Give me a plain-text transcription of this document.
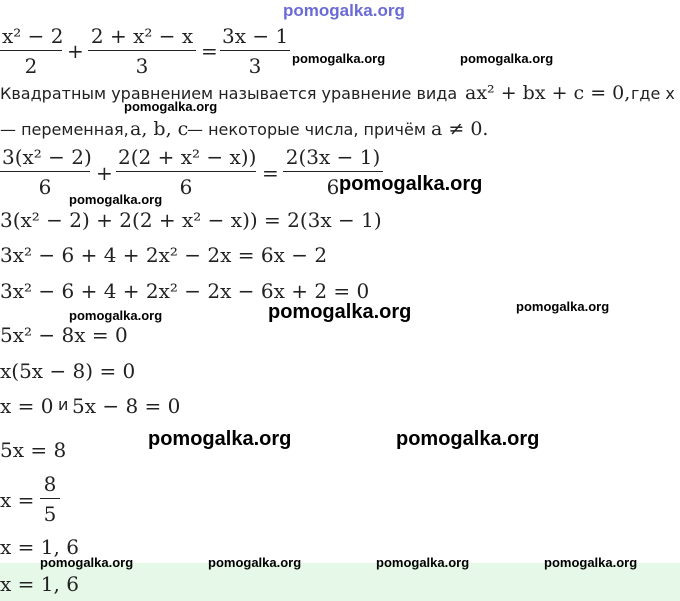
pomogalka.org
x² − 2
2
+
2 + x² − x
3
=
3x − 1
3	pomogalka.org	pomogalka.org
Квадратным уравнением называется уравнение вида ax² + bx + c = 0, где x
pomogalka.org
— переменная, a, b, c
— некоторые числа, причём a ≠ 0.
3(x² − 2)
6
+
2(2 + x² − x))
6
=
2(3x − 1)
6 pomogalka.org
pomogalka.org
3(x² − 2) + 2(2 + x² − x)) = 2(3x − 1)
3x² − 6 + 4 + 2x² − 2x = 6x − 2
3x² − 6 + 4 + 2x² − 2x − 6x + 2 = 0
pomogalka.org	pomogalka.org	pomogalka.org
5x² − 8x = 0
x(5x − 8) = 0
x = 0 и 5x − 8 = 0
5x = 8	pomogalka.org	pomogalka.org
x =
8
5
x = 1, 6
pomogalka.org	pomogalka.org	pomogalka.org	pomogalka.org
x = 1, 6
